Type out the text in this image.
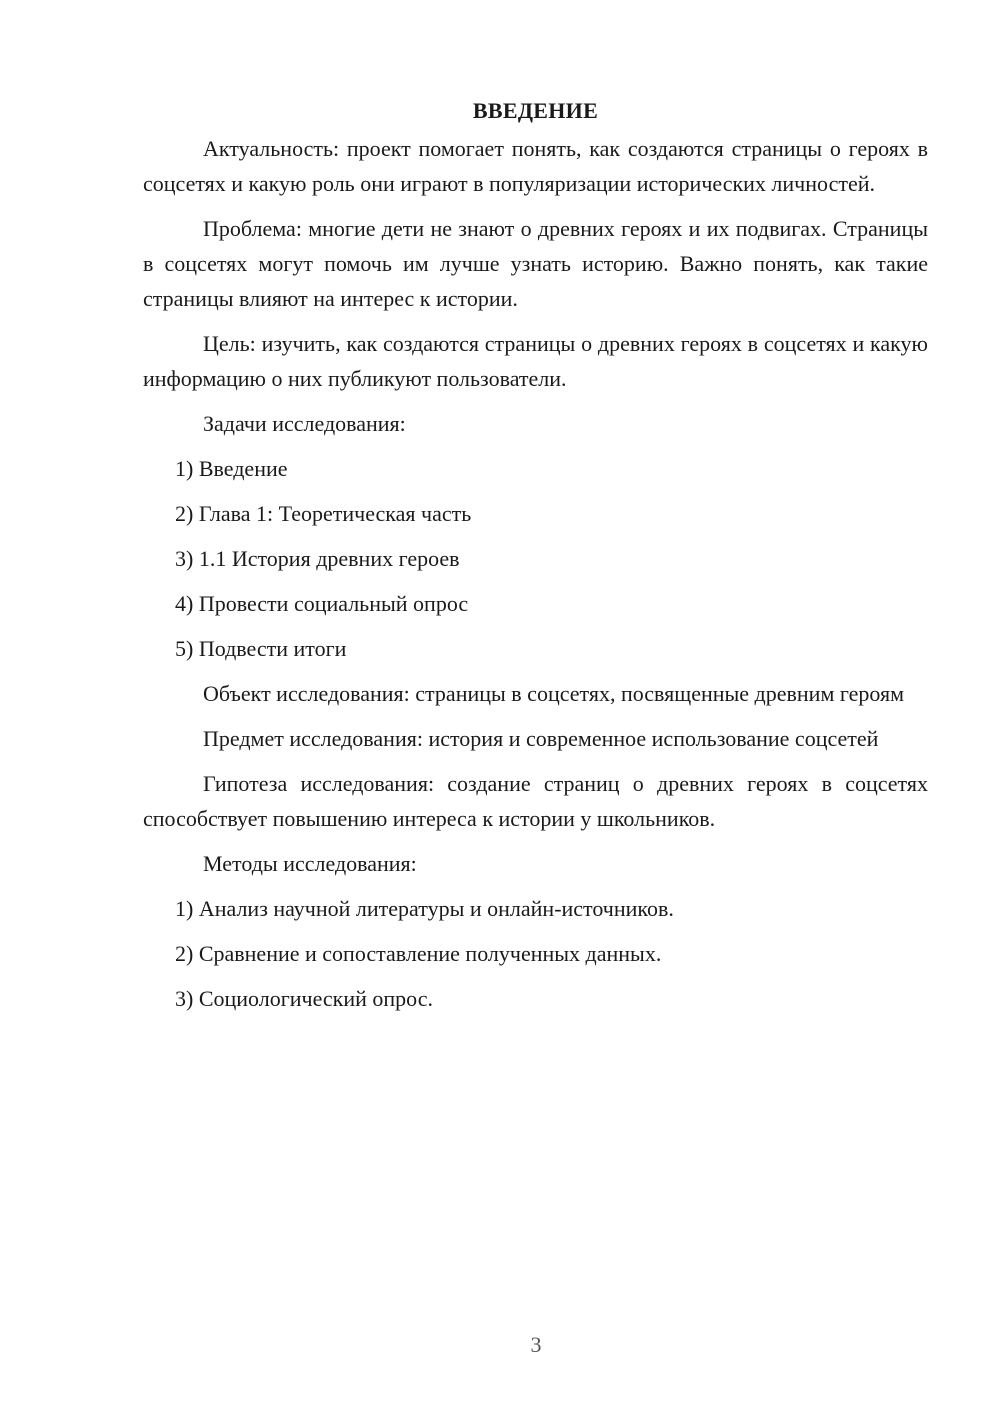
ВВЕДЕНИЕ

Актуальность: проект помогает понять, как создаются страницы о героях в соцсетях и какую роль они играют в популяризации исторических личностей.

Проблема: многие дети не знают о древних героях и их подвигах. Страницы в соцсетях могут помочь им лучше узнать историю. Важно понять, как такие страницы влияют на интерес к истории.

Цель: изучить, как создаются страницы о древних героях в соцсетях и какую информацию о них публикуют пользователи.

Задачи исследования:

1) Введение

2) Глава 1: Теоретическая часть

3) 1.1 История древних героев

4) Провести социальный опрос

5) Подвести итоги

Объект исследования: страницы в соцсетях, посвященные древним героям

Предмет исследования: история и современное использование соцсетей

Гипотеза исследования: создание страниц о древних героях в соцсетях способствует повышению интереса к истории у школьников.

Методы исследования:

1) Анализ научной литературы и онлайн-источников.

2) Сравнение и сопоставление полученных данных.

3) Социологический опрос.

3
